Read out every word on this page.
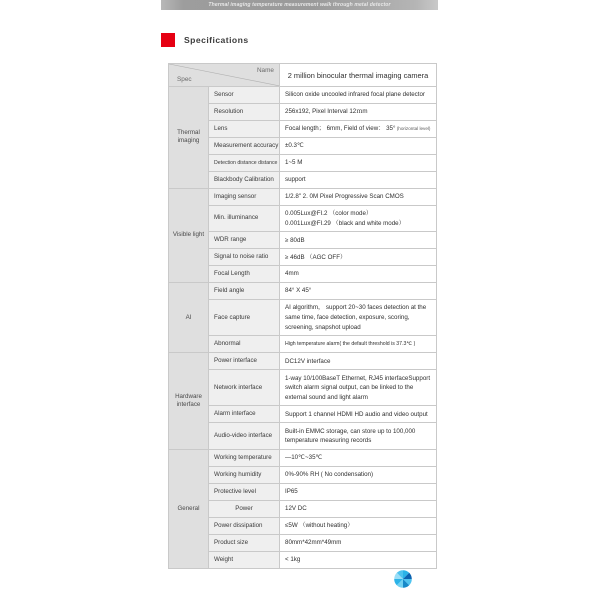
Thermal imaging temperature measurement walk through metal detector
Specifications
Spec
Name		2 million binocular thermal imaging camera
Thermal imaging	Sensor	Silicon oxide uncooled infrared focal plane detector
	Resolution	256x192, Pixel Interval 12ｍm
	Lens	Focal length； 6mm, Field of view： 35° (horizontal level)
	Measurement accuracy	±0.3℃
	Detection distance distance	1~5 M
	Blackbody Calibration	support
Visible light	Imaging sensor	1/2.8" 2. 0M Pixel Progressive Scan CMOS
	Min. illuminance	0.005Lux@FI.2 （color mode）
0.001Lux@FI.29 （black and white mode）
	WDR range	≥ 80dB
	Signal to noise ratio	≥ 46dB （AGC OFF）
	Focal Length	4mm
AI	Field angle	84° X 45°
	Face capture	AI algorithm， support 20~30 faces detection at the same time, face detection, exposure, scoring, screening, snapshot upload
	Abnormal	High temperature alarm( the default threshold is 37.3℃ )
Hardware interface	Power interface	DC12V interface
	Network interface	1-way 10/100BaseT Ethernet, RJ45 interfaceSupport switch alarm signal output, can be linked to the external sound and light alarm
	Alarm interface	Support 1 channel HDMI HD audio and video output
	Audio-video interface	Built-in EMMC storage, can store up to 100,000 temperature measuring records
General	Working temperature	—10℃~35℃
	Working humidity	0%-90% RH ( No condensation)
	Protective level	IP65
	Power	12V DC
	Power dissipation	≤5W （without heating）
	Product size	80mm*42mm*49mm
	Weight	< 1kg
